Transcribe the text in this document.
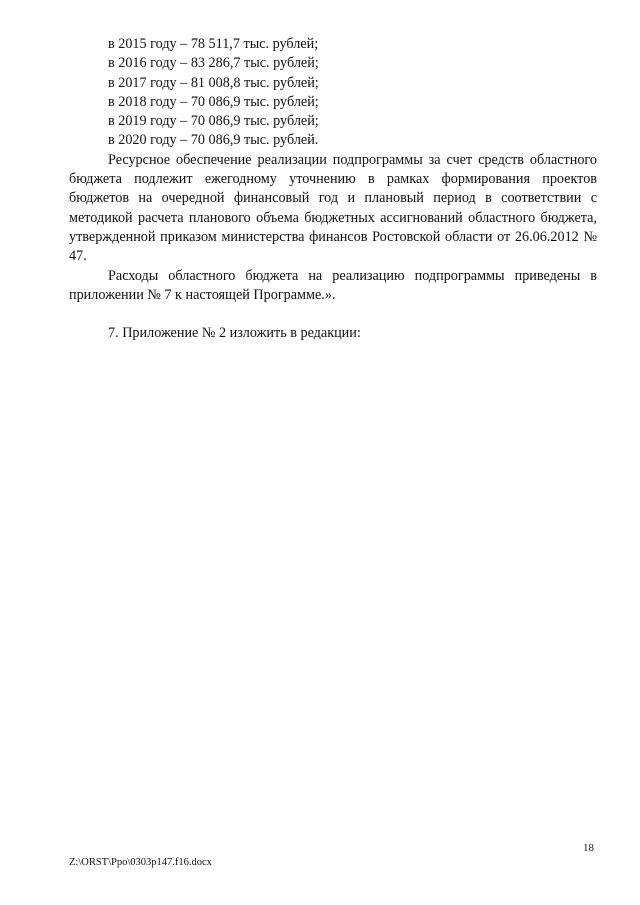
в 2015 году – 78 511,7 тыс. рублей;
в 2016 году – 83 286,7 тыс. рублей;
в 2017 году – 81 008,8 тыс. рублей;
в 2018 году – 70 086,9 тыс. рублей;
в 2019 году – 70 086,9 тыс. рублей;
в 2020 году – 70 086,9 тыс. рублей.
Ресурсное обеспечение реализации подпрограммы за счет средств областного бюджета подлежит ежегодному уточнению в рамках формирования проектов бюджетов на очередной финансовый год и плановый период в соответствии с методикой расчета планового объема бюджетных ассигнований областного бюджета, утвержденной приказом министерства финансов Ростовской области от 26.06.2012 № 47.
Расходы областного бюджета на реализацию подпрограммы приведены в приложении № 7 к настоящей Программе.».
7. Приложение № 2 изложить в редакции:
18
Z:\ORST\Ppo\0303p147.f16.docx
